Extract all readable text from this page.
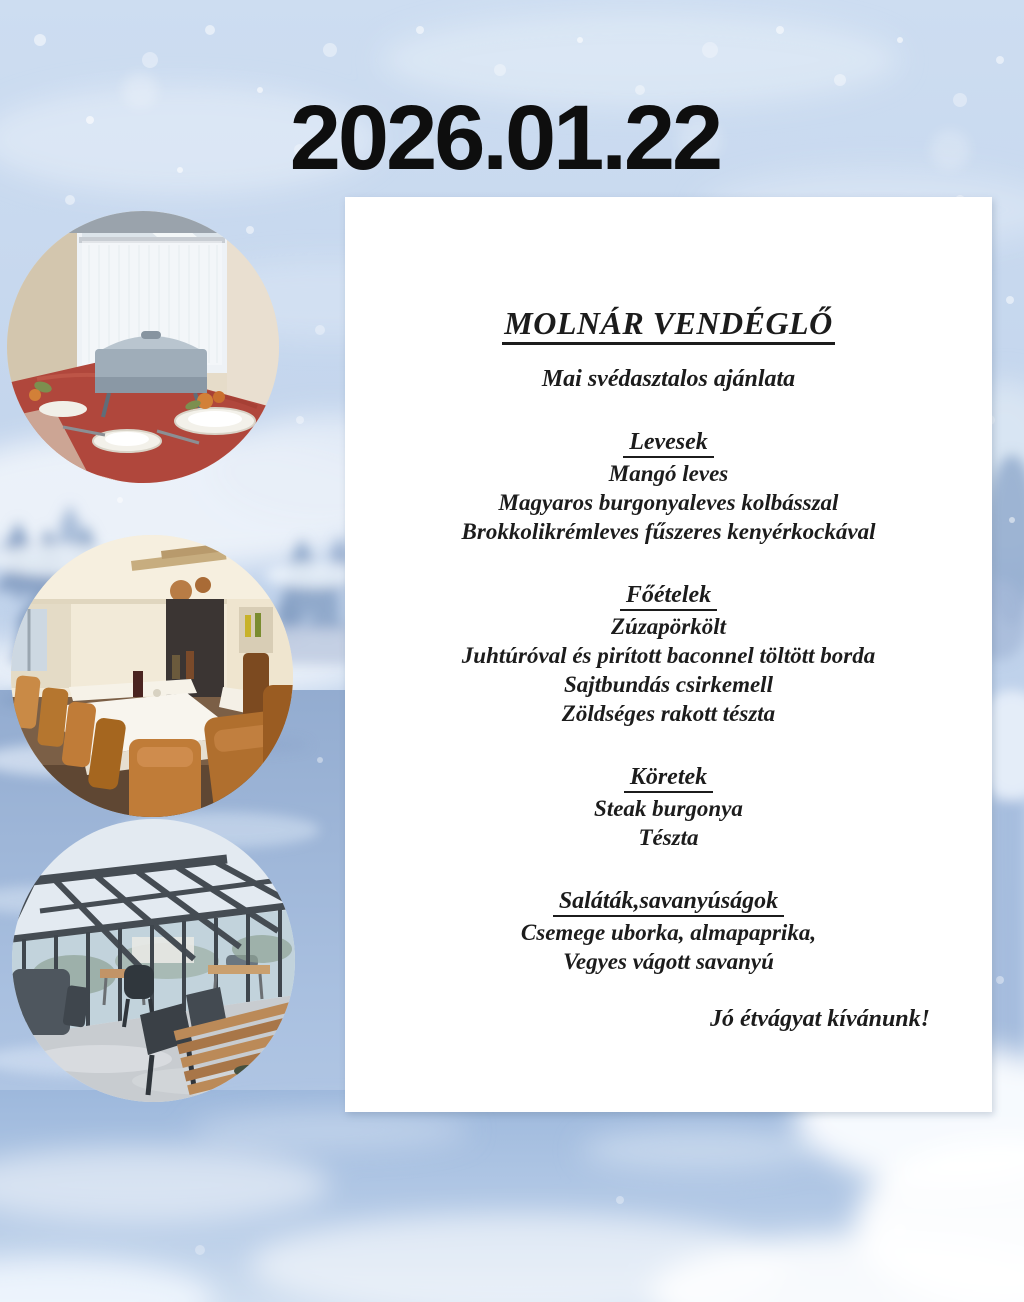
2026.01.22
MOLNÁR VENDÉGLŐ

Mai svédasztalos ajánlata

Levesek

Mangó leves

Magyaros burgonyaleves kolbásszal

Brokkolikrémleves fűszeres kenyérkockával

Főételek

Zúzapörkölt

Juhtúróval és pirított baconnel töltött borda

Sajtbundás csirkemell

Zöldséges rakott tészta

Köretek

Steak burgonya

Tészta

Saláták,savanyúságok

Csemege uborka, almapaprika,

Vegyes vágott savanyú

Jó étvágyat kívánunk!
